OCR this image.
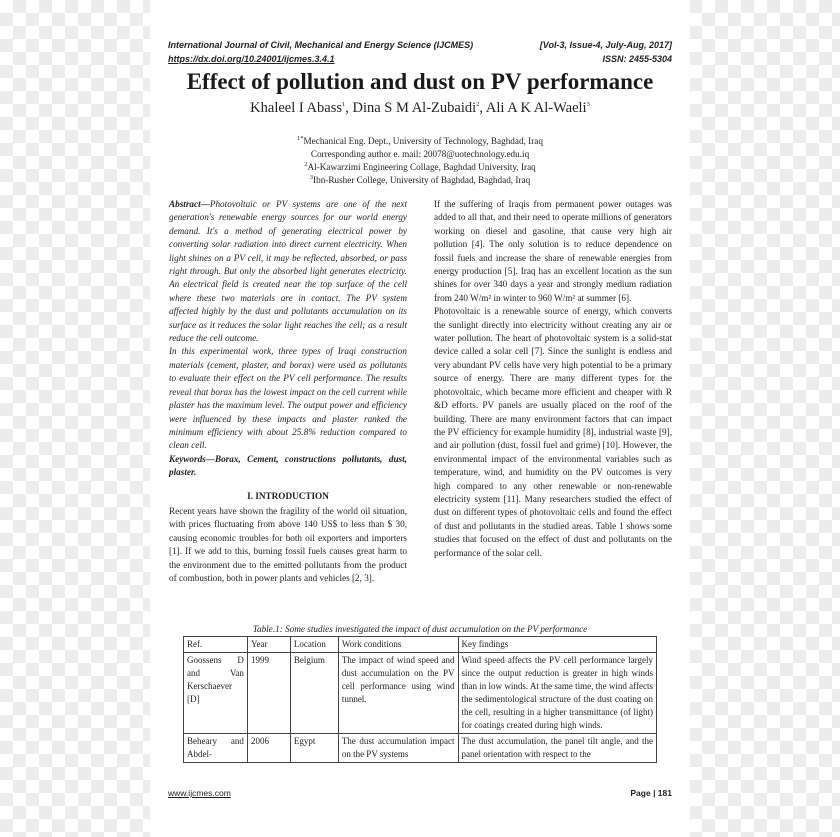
International Journal of Civil, Mechanical and Energy Science (IJCMES)	[Vol-3, Issue-4, July-Aug, 2017]
https://dx.doi.org/10.24001/ijcmes.3.4.1	ISSN: 2455-5304
Effect of pollution and dust on PV performance
Khaleel I Abass$^1$, Dina S M Al-Zubaidi$^2$, Ali A K Al-Waeli$^3$
$^{1*}$Mechanical Eng. Dept., University of Technology, Baghdad, Iraq
Corresponding author e. mail: 20078@uotechnology.edu.iq
$^2$Al-Kawarzimi Engineering Collage, Baghdad University, Iraq
$^3$Ibn-Rusher College, University of Baghdad, Baghdad, Iraq

Abstract—Photovoltaic or PV systems are one of the next generation's renewable energy sources for our world energy demand. It's a method of generating electrical power by converting solar radiation into direct current electricity. When light shines on a PV cell, it may be reflected, absorbed, or pass right through. But only the absorbed light generates electricity. An electrical field is created near the top surface of the cell where these two materials are in contact. The PV system affected highly by the dust and pollutants accumulation on its surface as it reduces the solar light reaches the cell; as a result reduce the cell outcome.

In this experimental work, three types of Iraqi construction materials (cement, plaster, and borax) were used as pollutants to evaluate their effect on the PV cell performance. The results reveal that borax has the lowest impact on the cell current while plaster has the maximum level. The output power and efficiency were influenced by these impacts and plaster ranked the minimum efficiency with about 25.8% reduction compared to clean cell.

Keywords—Borax, Cement, constructions pollutants, dust, plaster.

I. INTRODUCTION

Recent years have shown the fragility of the world oil situation, with prices fluctuating from above 140 US$ to less than $ 30, causing economic troubles for both oil exporters and importers [1]. If we add to this, burning fossil fuels causes great harm to the environment due to the emitted pollutants from the product of combustion, both in power plants and vehicles [2, 3].

If the suffering of Iraqis from permanent power outages was added to all that, and their need to operate millions of generators working on diesel and gasoline, that cause very high air pollution [4]. The only solution is to reduce dependence on fossil fuels and increase the share of renewable energies from energy production [5]. Iraq has an excellent location as the sun shines for over 340 days a year and strongly medium radiation from 240 W/m² in winter to 960 W/m² at summer [6].

Photovoltaic is a renewable source of energy, which converts the sunlight directly into electricity without creating any air or water pollution. The heart of photovoltaic system is a solid-stat device called a solar cell [7]. Since the sunlight is endless and very abundant PV cells have very high potential to be a primary source of energy. There are many different types for the photovoltaic, which became more efficient and cheaper with R &D efforts. PV panels are usually placed on the roof of the building. There are many environment factors that can impact the PV efficiency for example humidity [8], industrial waste [9], and air pollution (dust, fossil fuel and grime) [10]. However, the environmental impact of the environmental variables such as temperature, wind, and humidity on the PV outcomes is very high compared to any other renewable or non-renewable electricity system [11]. Many researchers studied the effect of dust on different types of photovoltaic cells and found the effect of dust and pollutants in the studied areas. Table 1 shows some studies that focused on the effect of dust and pollutants on the performance of the solar cell.

Table.1: Some studies investigated the impact of dust accumulation on the PV performance
Ref.	Year	Location	Work conditions	Key findings
Goossens D and Van Kerschaever [D]	1999	Belgium	The impact of wind speed and dust accumulation on the PV cell performance using wind tunnel.	Wind speed affects the PV cell performance largely since the output reduction is greater in high winds than in low winds. At the same time, the wind affects the sedimentological structure of the dust coating on the cell, resulting in a higher transmittance (of light) for coatings created during high winds.
Beheary and Abdel-	2006	Egypt	The dust accumulation impact on the PV systems	The dust accumulation, the panel tilt angle, and the panel orientation with respect to the
www.ijcmes.com	Page | 181
